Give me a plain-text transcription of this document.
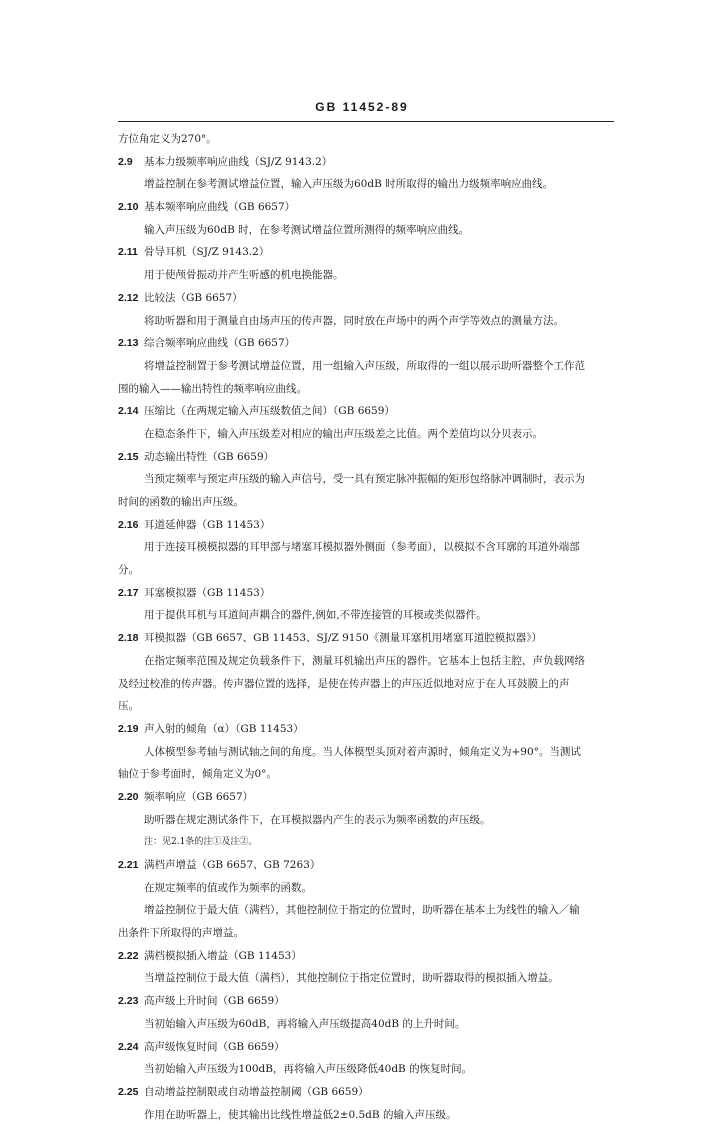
GB 11452-89
方位角定义为270°。
2.9 基本力级频率响应曲线（SJ/Z 9143.2）
增益控制在参考测试增益位置，输入声压级为60dB 时所取得的输出力级频率响应曲线。
2.10 基本频率响应曲线（GB 6657）
输入声压级为60dB 时，在参考测试增益位置所测得的频率响应曲线。
2.11 骨导耳机（SJ/Z 9143.2）
用于使颅骨振动并产生听感的机电换能器。
2.12 比较法（GB 6657）
将助听器和用于测量自由场声压的传声器，同时放在声场中的两个声学等效点的测量方法。
2.13 综合频率响应曲线（GB 6657）
将增益控制置于参考测试增益位置，用一组输入声压级，所取得的一组以展示助听器整个工作范
围的输入——输出特性的频率响应曲线。
2.14 压缩比（在两规定输入声压级数值之间）（GB 6659）
在稳态条件下，输入声压级差对相应的输出声压级差之比值。两个差值均以分贝表示。
2.15 动态输出特性（GB 6659）
当预定频率与预定声压级的输入声信号，受一具有预定脉冲振幅的矩形包络脉冲调制时，表示为
时间的函数的输出声压级。
2.16 耳道延伸器（GB 11453）
用于连接耳模模拟器的耳甲部与堵塞耳模拟器外侧面（参考面），以模拟不含耳廓的耳道外端部
分。
2.17 耳塞模拟器（GB 11453）
用于提供耳机与耳道间声耦合的器件,例如,不带连接管的耳模或类似器件。
2.18 耳模拟器（GB 6657、GB 11453、SJ/Z 9150《测量耳塞机用堵塞耳道腔模拟器》）
在指定频率范围及规定负载条件下，测量耳机输出声压的器件。它基本上包括主腔，声负载网络
及经过校准的传声器。传声器位置的选择，是使在传声器上的声压近似地对应于在人耳鼓膜上的声
压。
2.19 声入射的倾角（α）（GB 11453）
人体模型参考轴与测试轴之间的角度。当人体模型头顶对着声源时，倾角定义为+90°。当测试
轴位于参考面时，倾角定义为0°。
2.20 频率响应（GB 6657）
助听器在规定测试条件下，在耳模拟器内产生的表示为频率函数的声压级。
注：见2.1条的注①及注②。
2.21 满档声增益（GB 6657、GB 7263）
在规定频率的值或作为频率的函数。
增益控制位于最大值（满档），其他控制位于指定的位置时，助听器在基本上为线性的输入／输
出条件下所取得的声增益。
2.22 满档模拟插入增益（GB 11453）
当增益控制位于最大值（满档），其他控制位于指定位置时，助听器取得的模拟插入增益。
2.23 高声级上升时间（GB 6659）
当初始输入声压级为60dB，再将输入声压级提高40dB 的上升时间。
2.24 高声级恢复时间（GB 6659）
当初始输入声压级为100dB，再将输入声压级降低40dB 的恢复时间。
2.25 自动增益控制限或自动增益控制阈（GB 6659）
作用在助听器上，使其输出比线性增益低2±0.5dB 的输入声压级。
